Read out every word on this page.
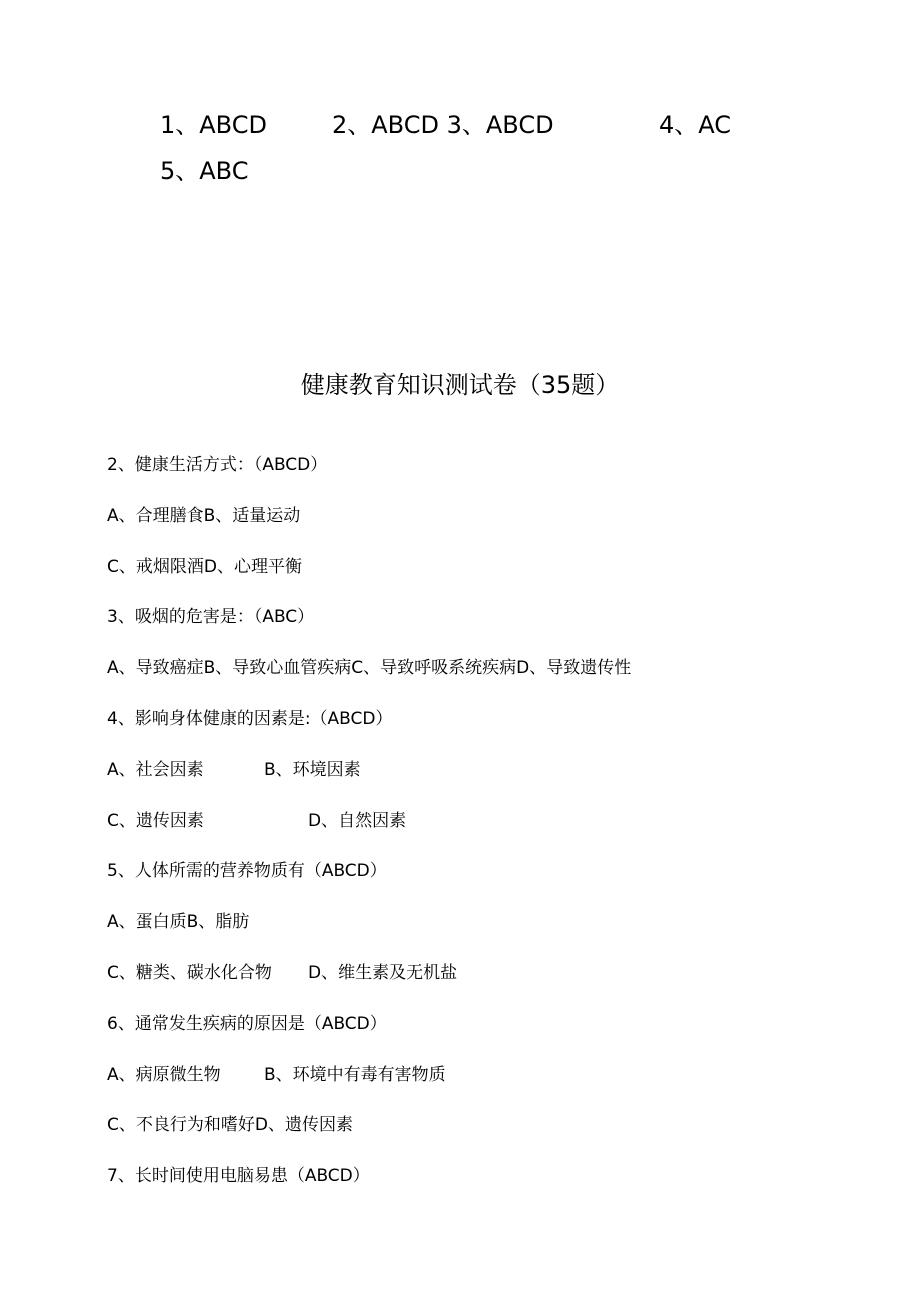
1、ABCD	2、ABCD 3、ABCD	4、AC
5、ABC
健康教育知识测试卷（35题）
2、健康生活方式：（ABCD）
A、合理膳食B、适量运动
C、戒烟限酒D、心理平衡
3、吸烟的危害是：（ABC）
A、导致癌症B、导致心血管疾病C、导致呼吸系统疾病D、导致遗传性
4、影响身体健康的因素是:（ABCD）
A、社会因素	B、环境因素
C、遗传因素	D、自然因素
5、人体所需的营养物质有（ABCD）
A、蛋白质B、脂肪
C、糖类、碳水化合物 D、维生素及无机盐
6、通常发生疾病的原因是（ABCD）
A、病原微生物	B、环境中有毒有害物质
C、不良行为和嗜好D、遗传因素
7、长时间使用电脑易患（ABCD）
